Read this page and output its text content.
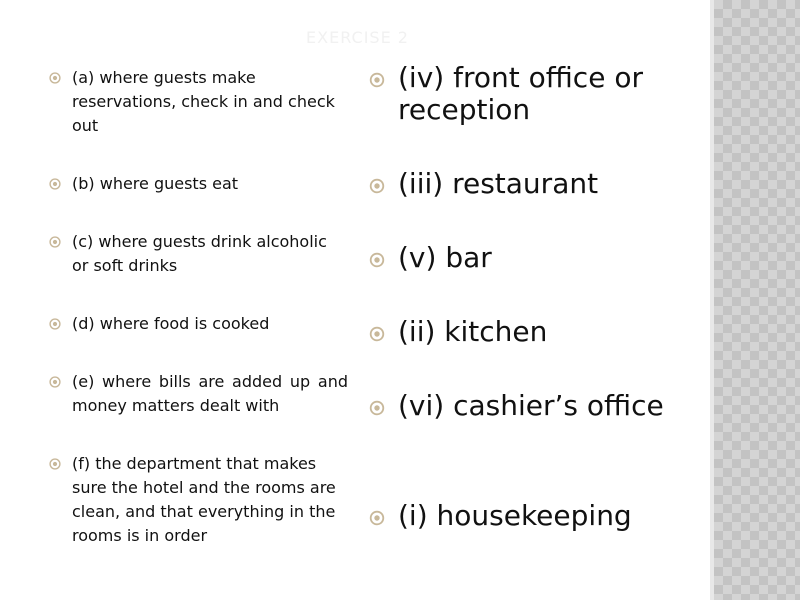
EXERCISE 2
(a) where guests make reservations, check in and check out
(b) where guests eat
(c) where guests drink alcoholic or soft drinks
(d) where food is cooked
(e) where bills are added up and money matters dealt with
(f) the department that makes sure the hotel and the rooms are clean, and that everything in the rooms is in order
(iv) front office or reception
(iii) restaurant
(v) bar
(ii) kitchen
(vi) cashier’s office
(i) housekeeping
